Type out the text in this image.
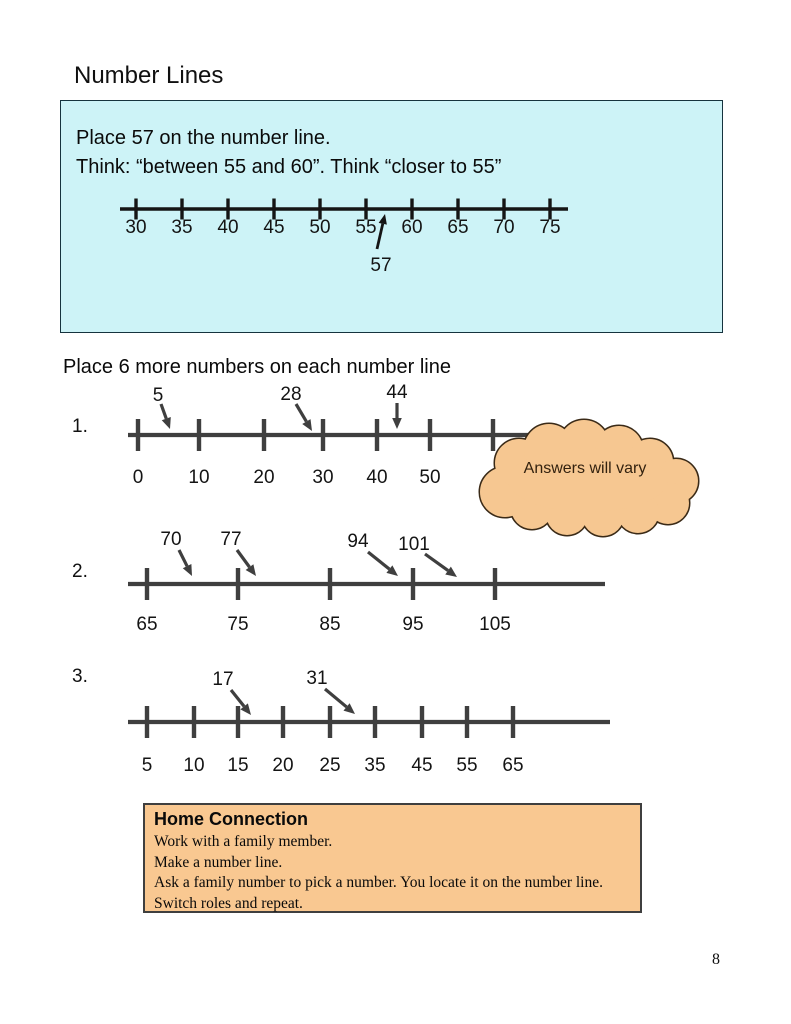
Number Lines
Place 57 on the number line.
Think: “between 55 and 60”. Think “closer to 55”
Place 6 more numbers on each number line
1.
2.
3.
Home Connection
Work with a family member.
Make a number line.
Ask a family number to pick a number. You locate it on the number line.
Switch roles and repeat.
8
30	35	40	45	50	55	60	65	70	75
57
0	10	20	30	40	50
5	28	44
65	75	85	95	105
70	77	94	101
5	10	15	20	25	35	45	55	65
17	31
Answers will vary
